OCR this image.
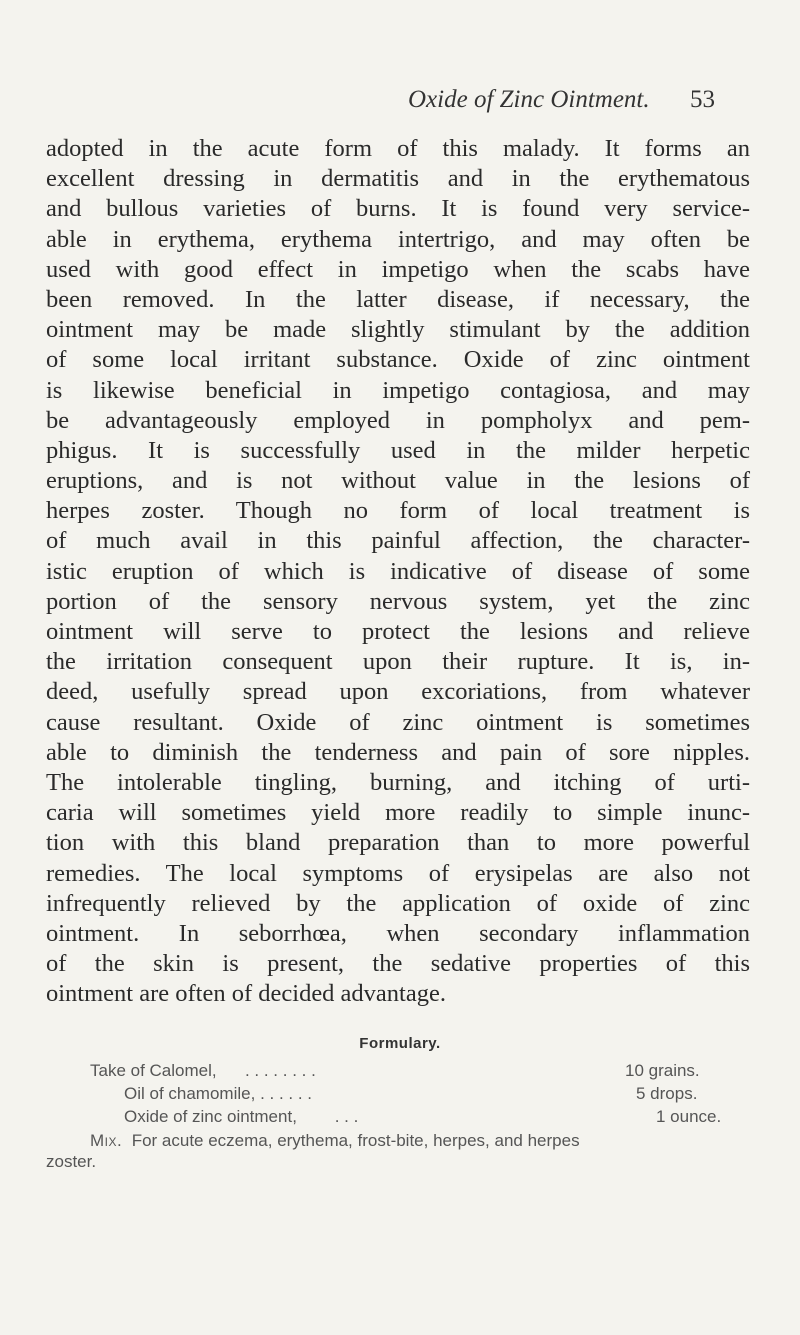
Oxide of Zinc Ointment. 53
adopted in the acute form of this malady. It forms an
excellent dressing in dermatitis and in the erythematous
and bullous varieties of burns. It is found very service-
able in erythema, erythema intertrigo, and may often be
used with good effect in impetigo when the scabs have
been removed. In the latter disease, if necessary, the
ointment may be made slightly stimulant by the addition
of some local irritant substance. Oxide of zinc ointment
is likewise beneficial in impetigo contagiosa, and may
be advantageously employed in pompholyx and pem-
phigus. It is successfully used in the milder herpetic
eruptions, and is not without value in the lesions of
herpes zoster. Though no form of local treatment is
of much avail in this painful affection, the character-
istic eruption of which is indicative of disease of some
portion of the sensory nervous system, yet the zinc
ointment will serve to protect the lesions and relieve
the irritation consequent upon their rupture. It is, in-
deed, usefully spread upon excoriations, from whatever
cause resultant. Oxide of zinc ointment is sometimes
able to diminish the tenderness and pain of sore nipples.
The intolerable tingling, burning, and itching of urti-
caria will sometimes yield more readily to simple inunc-
tion with this bland preparation than to more powerful
remedies. The local symptoms of erysipelas are also not
infrequently relieved by the application of oxide of zinc
ointment. In seborrhœa, when secondary inflammation
of the skin is present, the sedative properties of this
ointment are often of decided advantage.
Formulary.
Take of Calomel, . . . . . . . .	10 grains.
Oil of chamomile, . . . . . .	5 drops.
Oxide of zinc ointment, . . .	1 ounce.
Mix. For acute eczema, erythema, frost-bite, herpes, and herpes
zoster.
